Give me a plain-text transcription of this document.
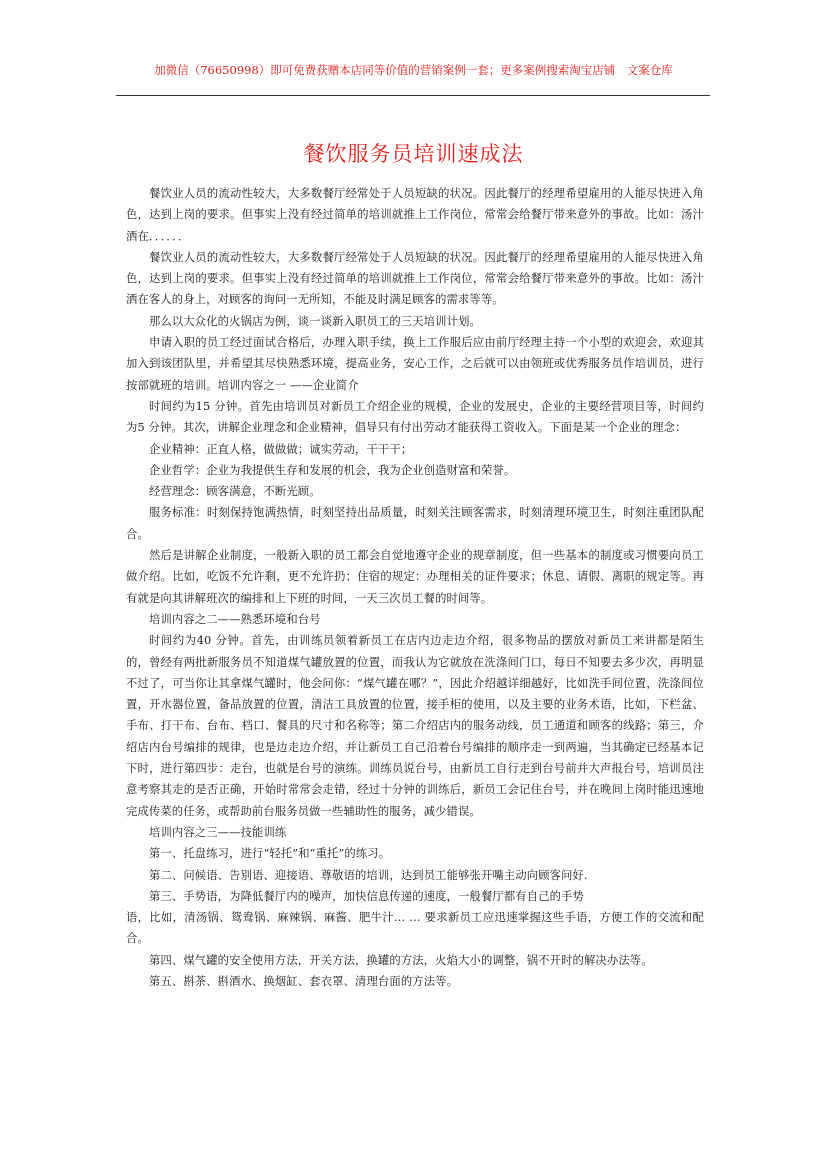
加微信（76650998）即可免费获赠本店同等价值的营销案例一套；更多案例搜索淘宝店铺　文案仓库
餐饮服务员培训速成法

餐饮业人员的流动性较大，大多数餐厅经常处于人员短缺的状况。因此餐厅的经理希望雇用的人能尽快进入角色，达到上岗的要求。但事实上没有经过简单的培训就推上工作岗位，常常会给餐厅带来意外的事故。比如：汤汁洒在．．．．．．

餐饮业人员的流动性较大，大多数餐厅经常处于人员短缺的状况。因此餐厅的经理希望雇用的人能尽快进入角色，达到上岗的要求。但事实上没有经过简单的培训就推上工作岗位，常常会给餐厅带来意外的事故。比如：汤汁洒在客人的身上，对顾客的询问一无所知，不能及时满足顾客的需求等等。

那么以大众化的火锅店为例，谈一谈新入职员工的三天培训计划。

申请入职的员工经过面试合格后，办理入职手续，换上工作服后应由前厅经理主持一个小型的欢迎会，欢迎其加入到该团队里，并希望其尽快熟悉环境，提高业务，安心工作，之后就可以由领班或优秀服务员作培训员，进行按部就班的培训。培训内容之一 ——企业简介

时间约为15 分钟。首先由培训员对新员工介绍企业的规模，企业的发展史，企业的主要经营项目等，时间约为5 分钟。其次，讲解企业理念和企业精神，倡导只有付出劳动才能获得工资收入。下面是某一个企业的理念：

企业精神：正直人格，做做做；诚实劳动，干干干；

企业哲学：企业为我提供生存和发展的机会，我为企业创造财富和荣誉。

经营理念：顾客满意，不断光顾。

服务标准：时刻保持饱满热情，时刻坚持出品质量，时刻关注顾客需求，时刻清理环境卫生，时刻注重团队配合。

然后是讲解企业制度，一般新入职的员工都会自觉地遵守企业的规章制度，但一些基本的制度或习惯要向员工做介绍。比如，吃饭不允许剩，更不允许扔；住宿的规定：办理相关的证件要求；休息、请假、离职的规定等。再有就是向其讲解班次的编排和上下班的时间，一天三次员工餐的时间等。

培训内容之二——熟悉环境和台号

时间约为40 分钟。首先，由训练员领着新员工在店内边走边介绍，很多物品的摆放对新员工来讲都是陌生的，曾经有两批新服务员不知道煤气罐放置的位置，而我认为它就放在洗涤间门口，每日不知要去多少次，再明显不过了，可当你让其拿煤气罐时，他会问你：“煤气罐在哪？”，因此介绍越详细越好，比如洗手间位置，洗涤间位置，开水器位置，备品放置的位置，清洁工具放置的位置，接手柜的使用，以及主要的业务术语，比如，下栏盆、手布、打干布、台布、档口、餐具的尺寸和名称等；第二介绍店内的服务动线，员工通道和顾客的线路；第三，介绍店内台号编排的规律，也是边走边介绍，并让新员工自己沿着台号编排的顺序走一到两遍，当其确定已经基本记下时，进行第四步：走台，也就是台号的演练。训练员说台号，由新员工自行走到台号前并大声报台号，培训员注意考察其走的是否正确，开始时常常会走错，经过十分钟的训练后，新员工会记住台号，并在晚间上岗时能迅速地完成传菜的任务，或帮助前台服务员做一些辅助性的服务，减少错误。

培训内容之三——技能训练

第一、托盘练习，进行“轻托”和“重托”的练习。

第二、问候语、告别语、迎接语、尊敬语的培训，达到员工能够张开嘴主动向顾客问好.

第三、手势语，为降低餐厅内的噪声，加快信息传递的速度，一般餐厅都有自己的手势

语，比如，清汤锅、鸳鸯锅、麻辣锅、麻酱、肥牛汁… … 要求新员工应迅速掌握这些手语，方便工作的交流和配合。

第四、煤气罐的安全使用方法，开关方法，换罐的方法，火焰大小的调整，锅不开时的解决办法等。

第五、斟茶、斟酒水、换烟缸、套衣罩、清理台面的方法等。
